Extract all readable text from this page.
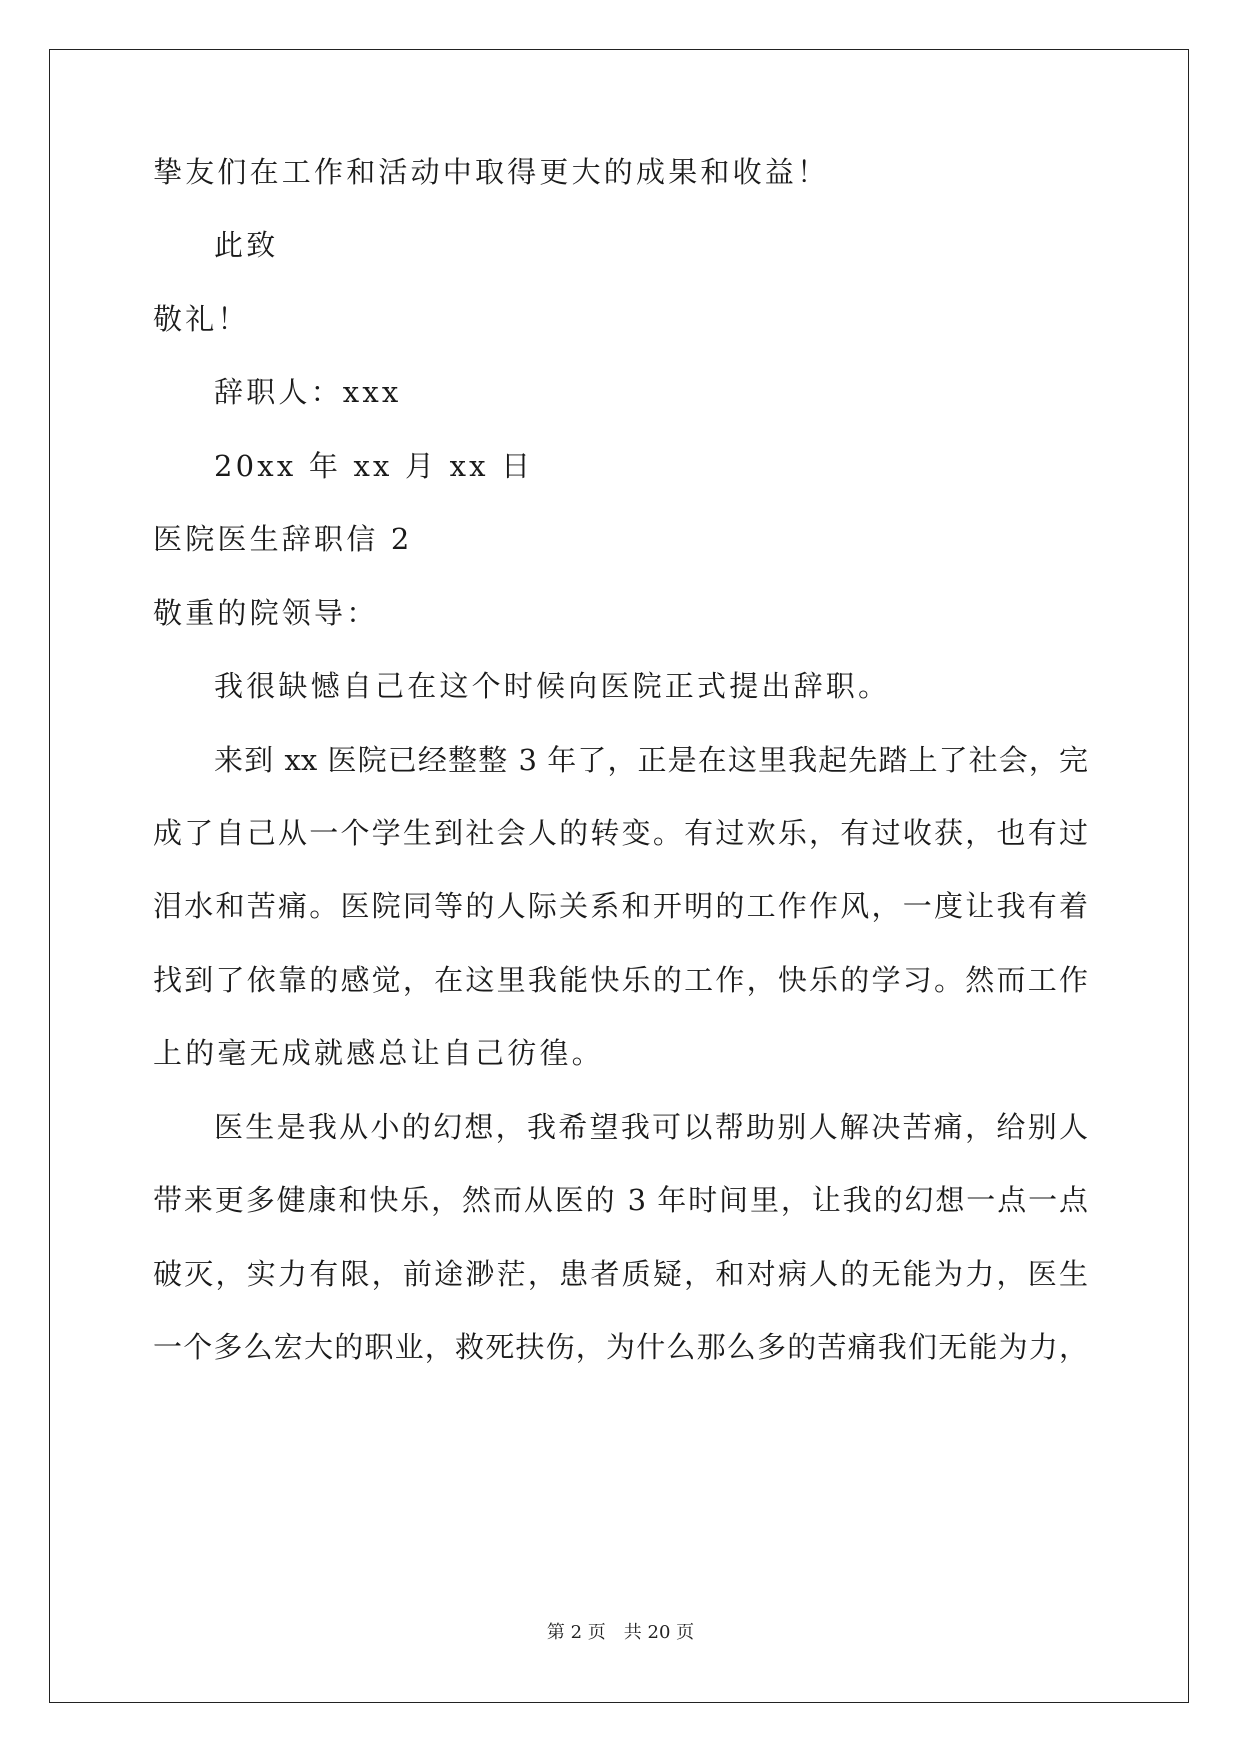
挚友们在工作和活动中取得更大的成果和收益！
此致
敬礼！
辞职人：xxx
20xx 年 xx 月 xx 日
医院医生辞职信 2
敬重的院领导：
我很缺憾自己在这个时候向医院正式提出辞职。
来到 xx 医院已经整整 3 年了，正是在这里我起先踏上了社会，完
成了自己从一个学生到社会人的转变。有过欢乐，有过收获，也有过
泪水和苦痛。医院同等的人际关系和开明的工作作风，一度让我有着
找到了依靠的感觉，在这里我能快乐的工作，快乐的学习。然而工作
上的毫无成就感总让自己彷徨。
医生是我从小的幻想，我希望我可以帮助别人解决苦痛，给别人
带来更多健康和快乐，然而从医的 3 年时间里，让我的幻想一点一点
破灭，实力有限，前途渺茫，患者质疑，和对病人的无能为力，医生
一个多么宏大的职业，救死扶伤，为什么那么多的苦痛我们无能为力，
第 2 页 共 20 页
